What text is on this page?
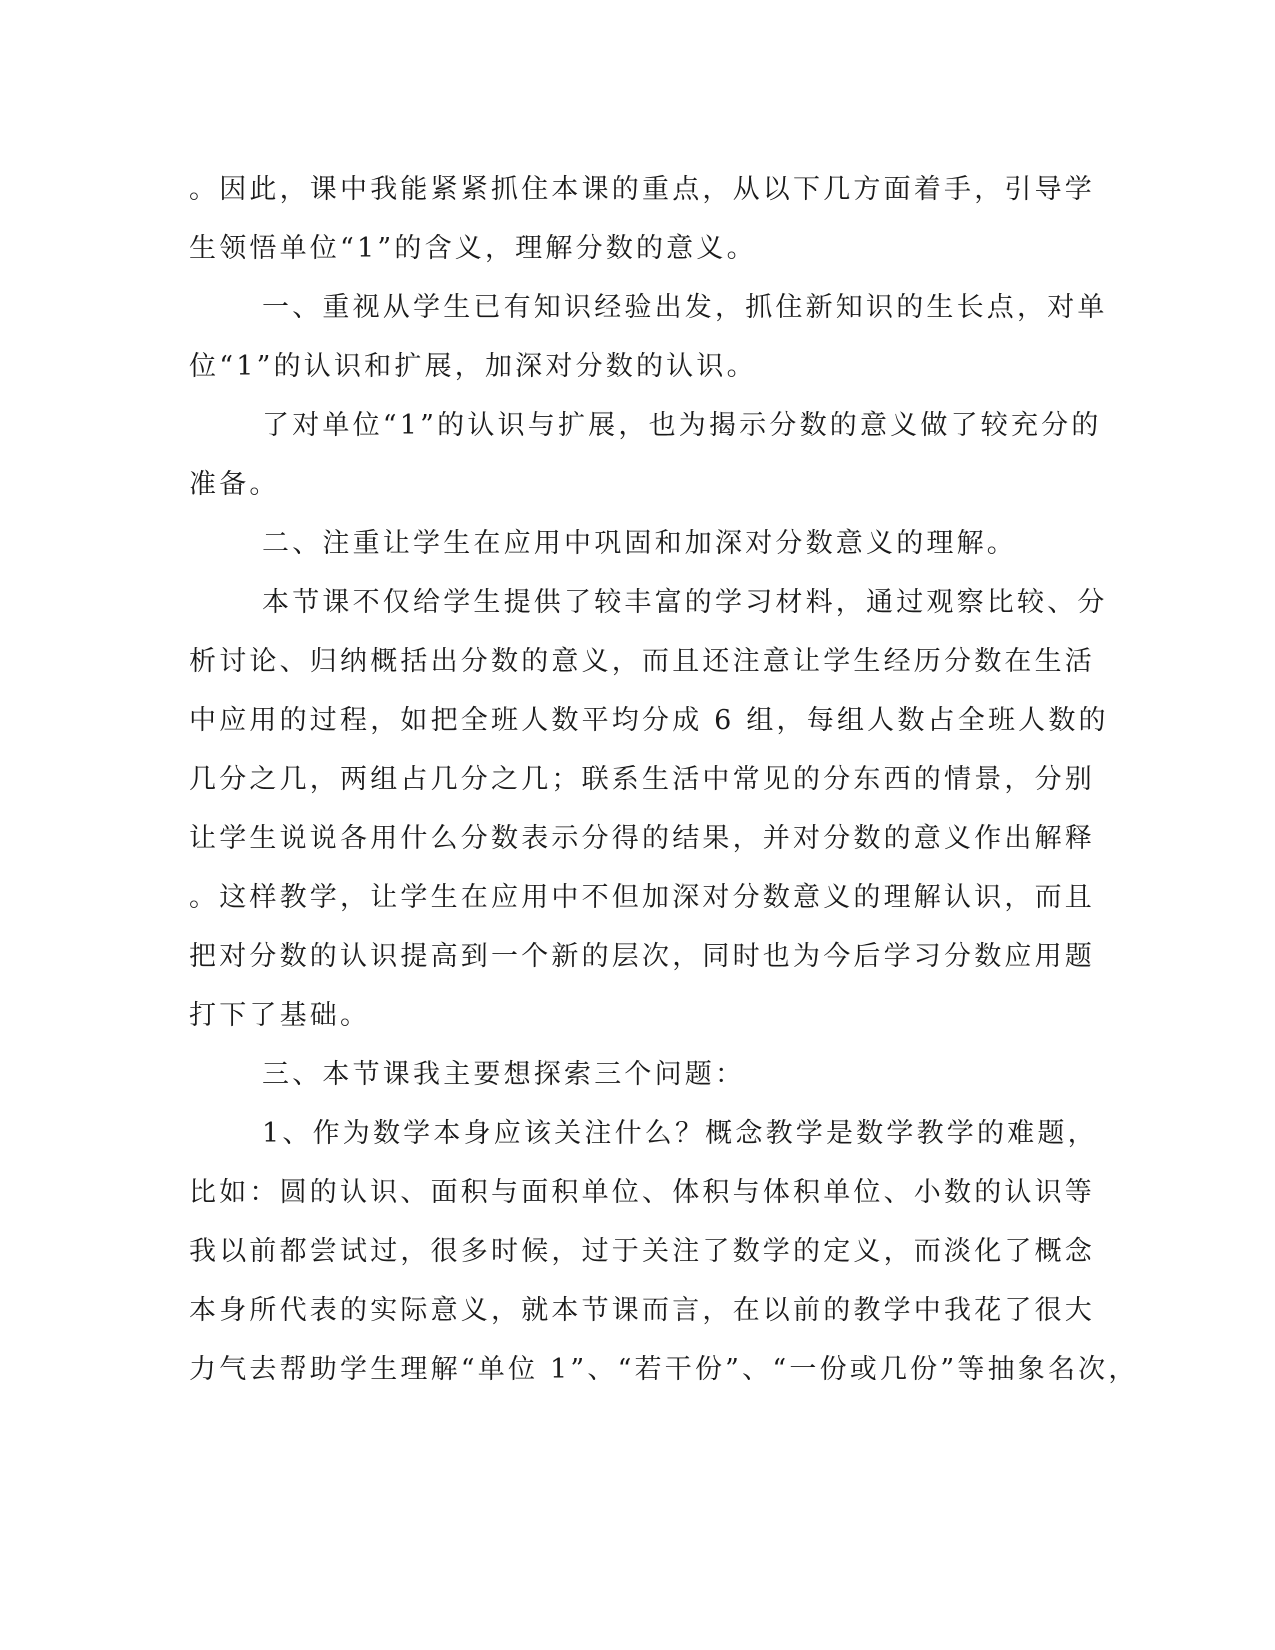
。因此，课中我能紧紧抓住本课的重点，从以下几方面着手，引导学
生领悟单位“1”的含义，理解分数的意义。
一、重视从学生已有知识经验出发，抓住新知识的生长点，对单
位“1”的认识和扩展，加深对分数的认识。
了对单位“1”的认识与扩展，也为揭示分数的意义做了较充分的
准备。
二、注重让学生在应用中巩固和加深对分数意义的理解。
本节课不仅给学生提供了较丰富的学习材料，通过观察比较、分
析讨论、归纳概括出分数的意义，而且还注意让学生经历分数在生活
中应用的过程，如把全班人数平均分成 6 组，每组人数占全班人数的
几分之几，两组占几分之几；联系生活中常见的分东西的情景，分别
让学生说说各用什么分数表示分得的结果，并对分数的意义作出解释
。这样教学，让学生在应用中不但加深对分数意义的理解认识，而且
把对分数的认识提高到一个新的层次，同时也为今后学习分数应用题
打下了基础。
三、本节课我主要想探索三个问题：
1、作为数学本身应该关注什么？概念教学是数学教学的难题，
比如：圆的认识、面积与面积单位、体积与体积单位、小数的认识等
我以前都尝试过，很多时候，过于关注了数学的定义，而淡化了概念
本身所代表的实际意义，就本节课而言，在以前的教学中我花了很大
力气去帮助学生理解“单位 1”、“若干份”、“一份或几份”等抽象名次，
